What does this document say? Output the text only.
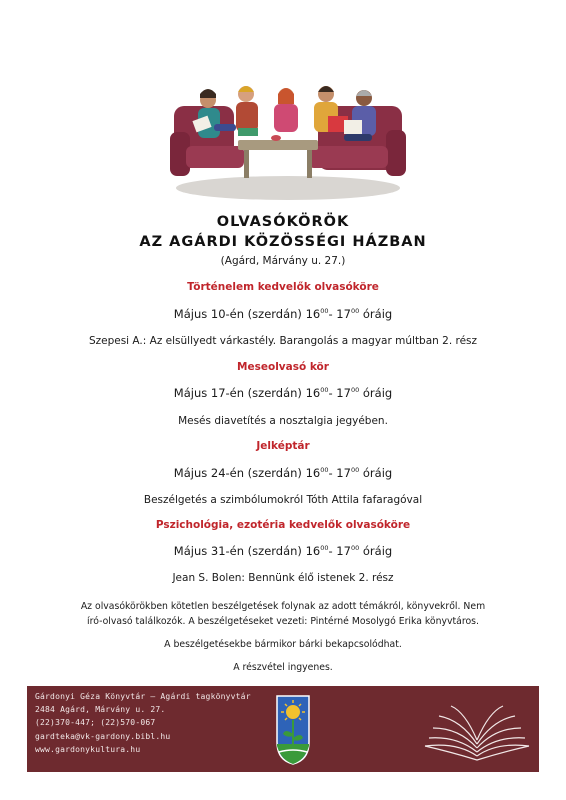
OLVASÓKÖRÖK
AZ AGÁRDI KÖZÖSSÉGI HÁZBAN
(Agárd, Márvány u. 27.)
Történelem kedvelők olvasóköre
Május 10-én (szerdán) $16^{00}-$ $17^{00}$ óráig
Szepesi A.: Az elsüllyedt várkastély. Barangolás a magyar múltban 2. rész
Meseolvasó kör
Május 17-én (szerdán) $16^{00}-$ $17^{00}$ óráig
Mesés diavetítés a nosztalgia jegyében.
Jelképtár
Május 24-én (szerdán) $16^{00}-$ $17^{00}$ óráig
Beszélgetés a szimbólumokról Tóth Attila fafaragóval
Pszichológia, ezotéria kedvelők olvasóköre
Május 31-én (szerdán) $16^{00}-$ $17^{00}$ óráig
Jean S. Bolen: Bennünk élő istenek 2. rész
Az olvasókörökben kötetlen beszélgetések folynak az adott témákról, könyvekről. Nem
író-olvasó találkozók. A beszélgetéseket vezeti: Pintérné Mosolygó Erika könyvtáros.
A beszélgetésekbe bármikor bárki bekapcsolódhat.
A részvétel ingyenes.
Gárdonyi Géza Könyvtár – Agárdi tagkönyvtár
2484 Agárd, Márvány u. 27.
(22)370-447; (22)570-067
gardteka@vk-gardony.bibl.hu
www.gardonykultura.hu
